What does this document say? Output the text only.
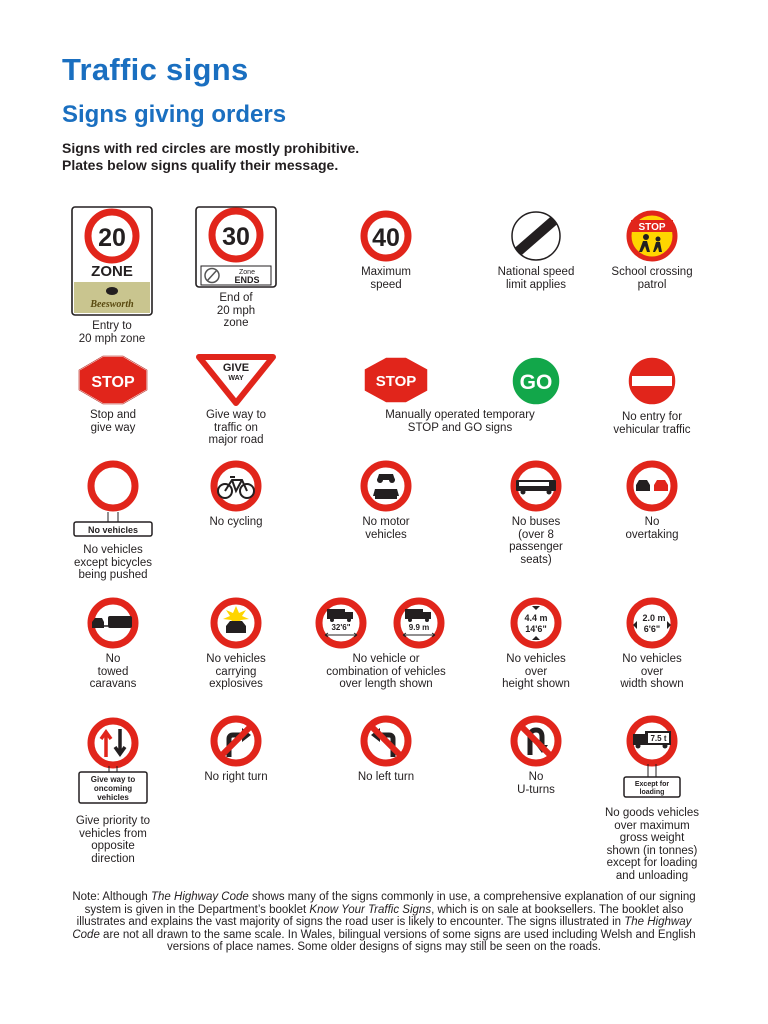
Traffic signs
Signs giving orders
Signs with red circles are mostly prohibitive.
Plates below signs qualify their message.
20
ZONE
Beesworth
Entry to
20 mph zone
30
Zone
ENDS
End of
20 mph
zone
40
Maximum
speed
National speed
limit applies
STOP
School crossing
patrol
STOP
Stop and
give way
GIVE
WAY
Give way to
traffic on
major road
STOP
Manually operated temporary
STOP and GO signs
GO
No entry for
vehicular traffic
No vehicles
No vehicles
except bicycles
being pushed
No cycling	No motor
vehicles
No buses
(over 8
passenger
seats)
No
overtaking
No
towed
caravans
No vehicles
carrying
explosives
32'6"	9.9 m
No vehicle or
combination of vehicles
over length shown
4.4 m
14'6"
No vehicles
over
height shown
2.0 m
6'6"
No vehicles
over
width shown
Give way to
oncoming
vehicles
Give priority to
vehicles from
opposite
direction
No right turn	No left turn	No
U-turns
7.5 t
Except for
loading
No goods vehicles
over maximum
gross weight
shown (in tonnes)
except for loading
and unloading
Note: Although The Highway Code shows many of the signs commonly in use, a comprehensive explanation of our signing system is given in the Department’s booklet Know Your Traffic Signs, which is on sale at booksellers. The booklet also illustrates and explains the vast majority of signs the road user is likely to encounter. The signs illustrated in The Highway Code are not all drawn to the same scale. In Wales, bilingual versions of some signs are used including Welsh and English versions of place names. Some older designs of signs may still be seen on the roads.
